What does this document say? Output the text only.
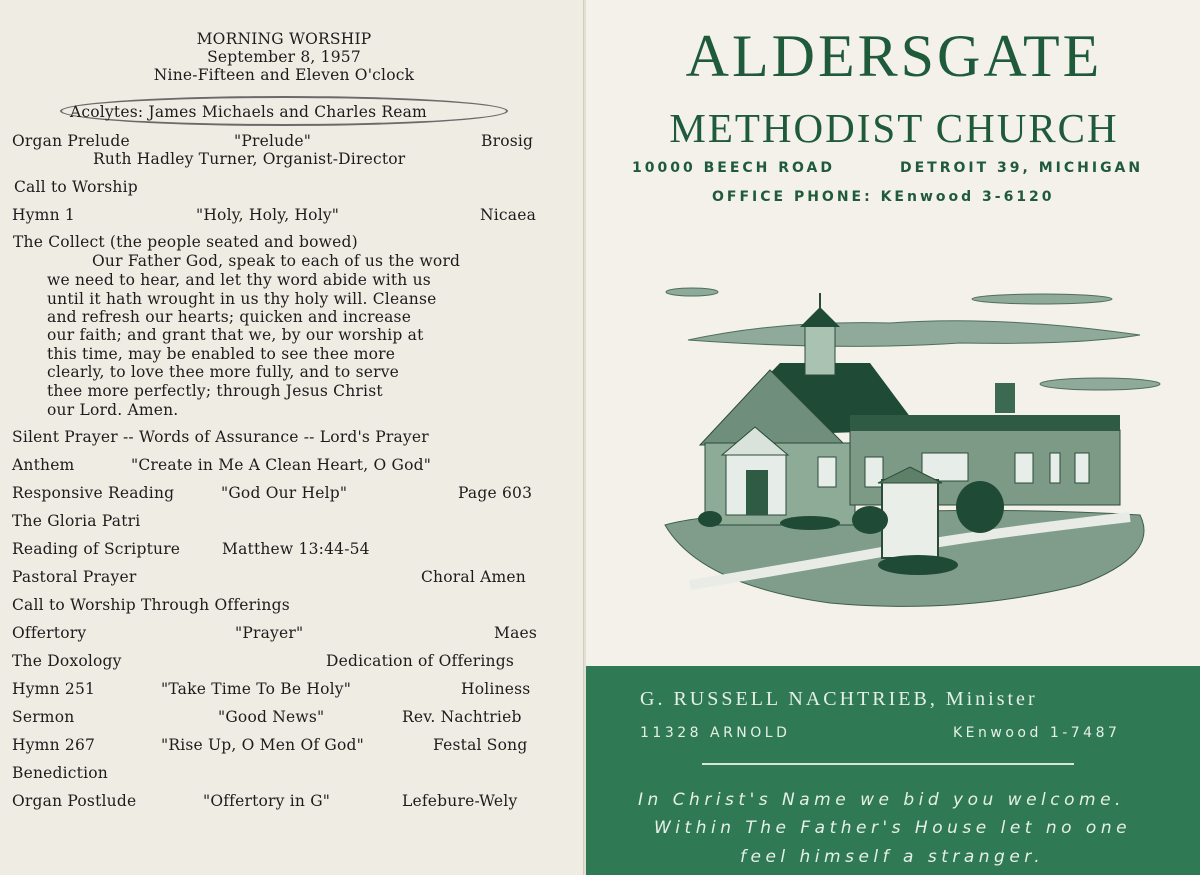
MORNING WORSHIP
September 8, 1957
Nine-Fifteen and Eleven O'clock
Acolytes: James Michaels and Charles Ream
Organ Prelude	"Prelude"	Brosig
Ruth Hadley Turner, Organist-Director
Call to Worship
Hymn 1	"Holy, Holy, Holy"	Nicaea
The Collect (the people seated and bowed)
Our Father God, speak to each of us the word
we need to hear, and let thy word abide with us
until it hath wrought in us thy holy will. Cleanse
and refresh our hearts; quicken and increase
our faith; and grant that we, by our worship at
this time, may be enabled to see thee more
clearly, to love thee more fully, and to serve
thee more perfectly; through Jesus Christ
our Lord. Amen.
Silent Prayer -- Words of Assurance -- Lord's Prayer
Anthem	"Create in Me A Clean Heart, O God"
Responsive Reading	"God Our Help"	Page 603
The Gloria Patri
Reading of Scripture	Matthew 13:44-54
Pastoral Prayer	Choral Amen
Call to Worship Through Offerings
Offertory	"Prayer"	Maes
The Doxology	Dedication of Offerings
Hymn 251	"Take Time To Be Holy"	Holiness
Sermon	"Good News"	Rev. Nachtrieb
Hymn 267	"Rise Up, O Men Of God"	Festal Song
Benediction
Organ Postlude	"Offertory in G"	Lefebure-Wely
ALDERSGATE
METHODIST CHURCH
10000 BEECH ROAD	DETROIT 39, MICHIGAN
OFFICE PHONE: KEnwood 3-6120
G. RUSSELL NACHTRIEB, Minister
11328 ARNOLD	KEnwood 1-7487
In Christ's Name we bid you welcome.
Within The Father's House let no one
feel himself a stranger.
